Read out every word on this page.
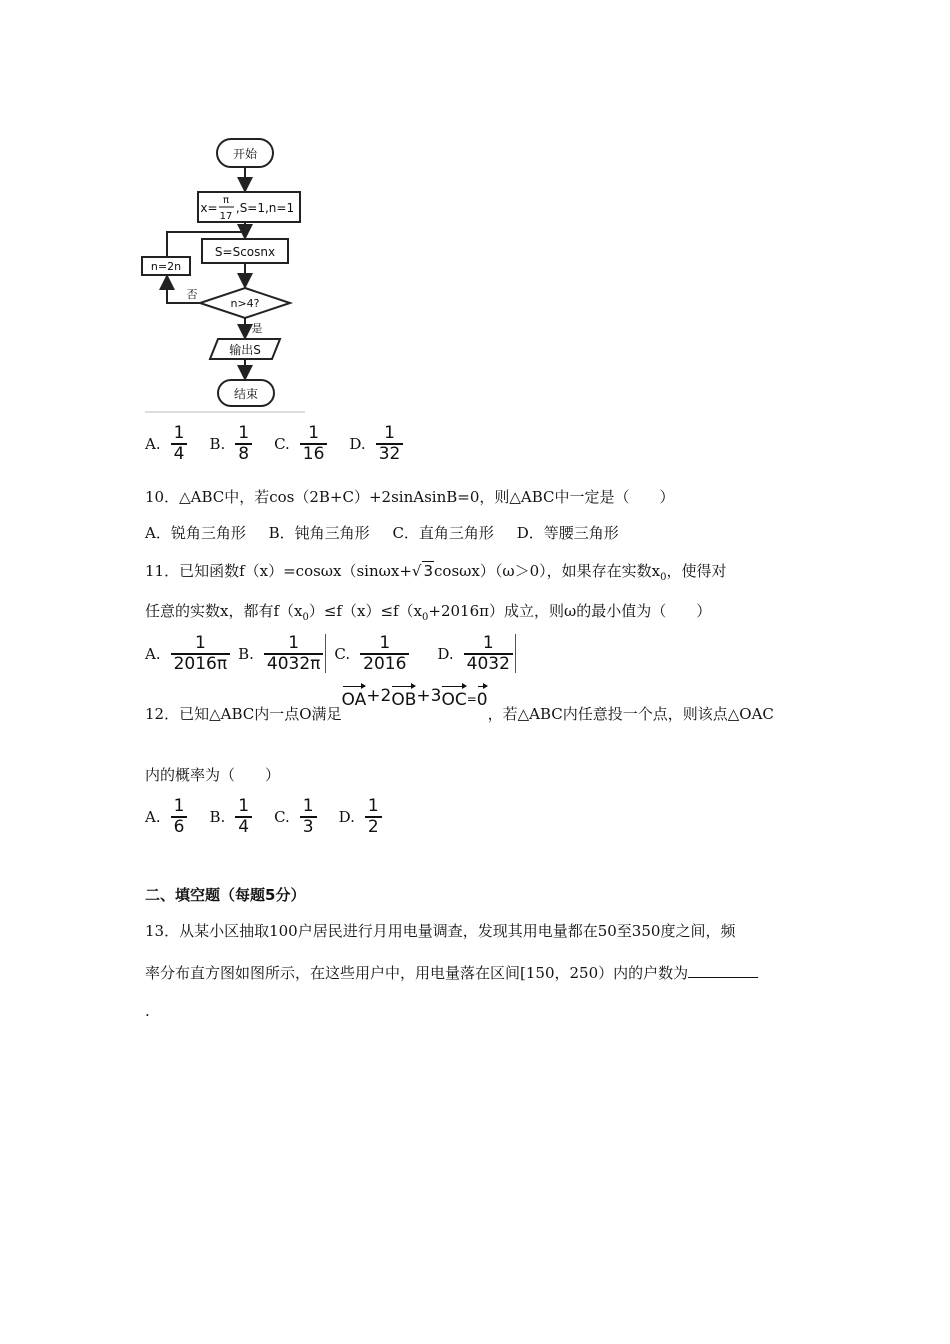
开始
x=
π
17
,S=1,n=1
S=Scosnx
n=2n
n>4?
否
是
输出S
结束
A. $\frac{1}{4} B$. $\frac{1}{8} C$. $\frac{1}{16} D$. $\frac{1}{32}$
10．△ABC中，若cos（2B+C）+2sinAsinB=0，则△ABC中一定是（　　）
A．锐角三角形 B．钝角三角形 C．直角三角形 D．等腰三角形
11．已知函数f（x）=cosωx（sinωx+√ 3cosωx）（ω＞0），如果存在实数$x_0$，使得对
任意的实数x，都有$f(x_0)\le f(x)\le f(x_0+2016\pi)$成立，则ω的最小值为（　　）
A. $\frac{1}{2016\pi} B$. $\frac{1}{4032\pi} C$. $\frac{1}{2016} D$. $\frac{1}{4032}$
12．已知△ABC内一点O满足
OA +2 OB +3 OC = 0
，若△ABC内任意投一个点，则该点△OAC
内的概率为（　　）
A. $\frac{1}{6} B$. $\frac{1}{4} C$. $\frac{1}{3} D$. $\frac{1}{2}$
二、填空题（每题5分）
13．从某小区抽取100户居民进行月用电量调查，发现其用电量都在50至350度之间，频
率分布直方图如图所示，在这些用户中，用电量落在区间[150，250）内的户数为
.
